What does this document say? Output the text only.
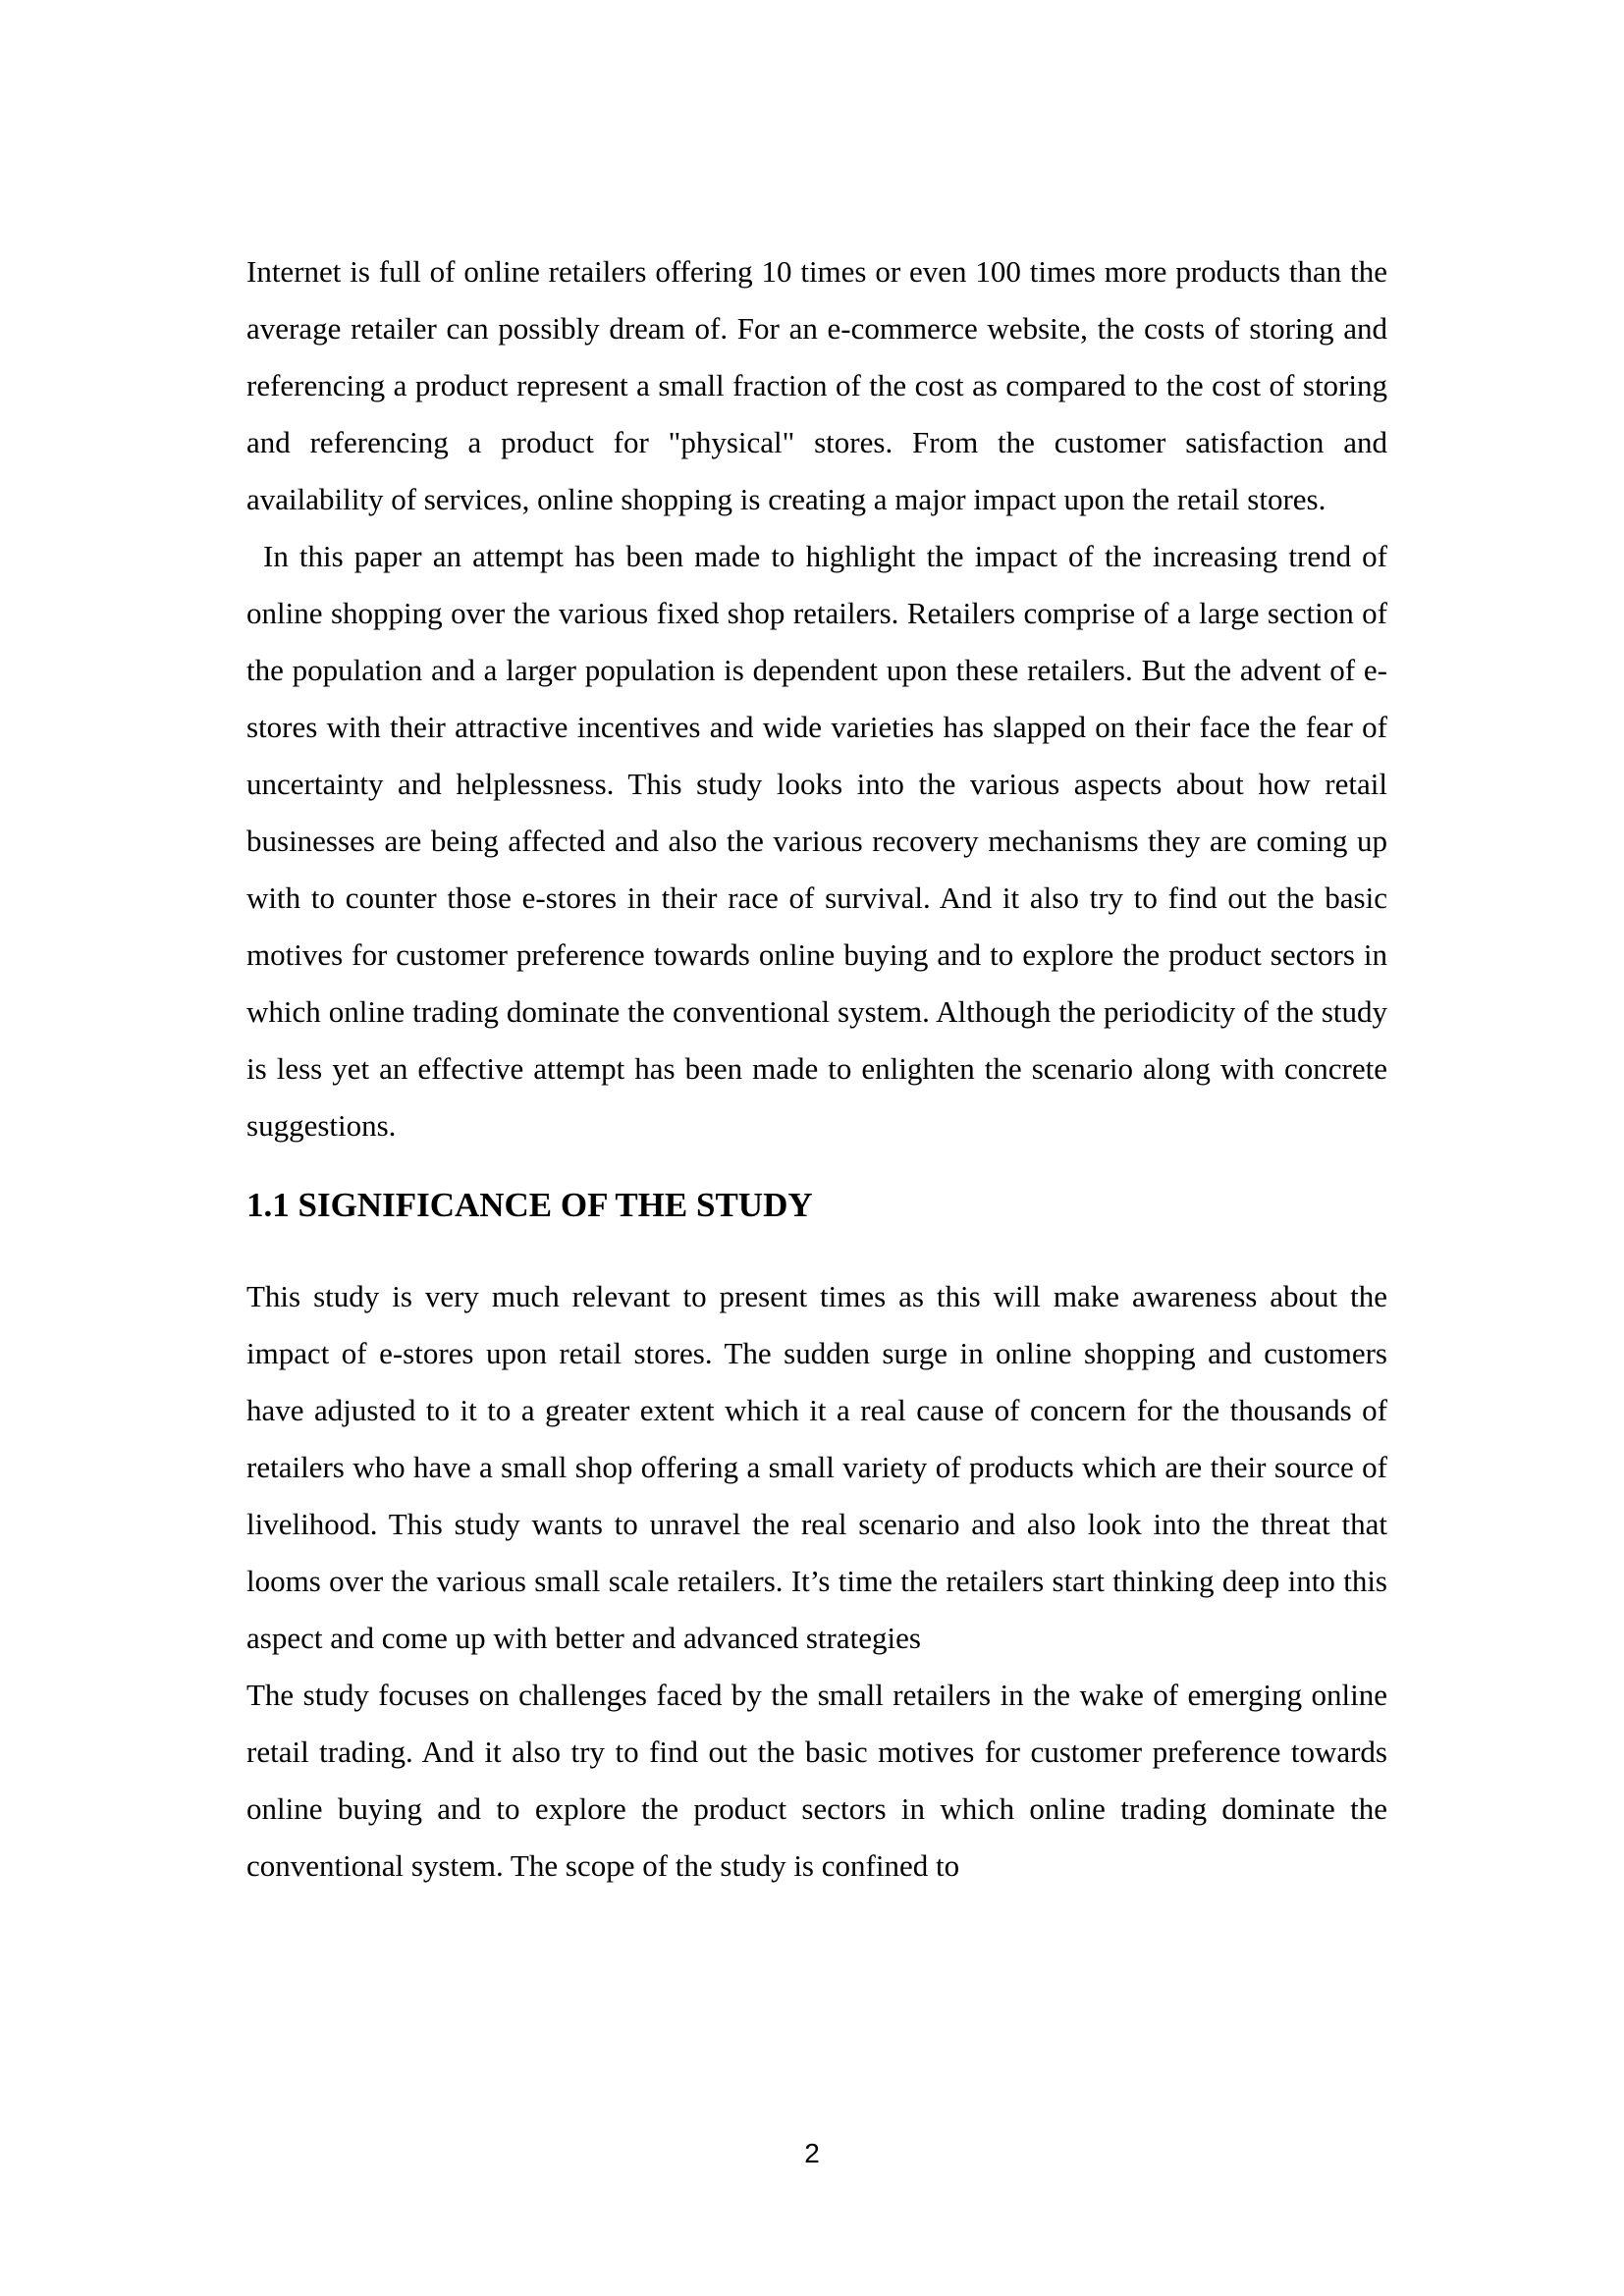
Internet is full of online retailers offering 10 times or even 100 times more products than the average retailer can possibly dream of. For an e-commerce website, the costs of storing and referencing a product represent a small fraction of the cost as compared to the cost of storing and referencing a product for "physical" stores. From the customer satisfaction and availability of services, online shopping is creating a major impact upon the retail stores.

In this paper an attempt has been made to highlight the impact of the increasing trend of online shopping over the various fixed shop retailers. Retailers comprise of a large section of the population and a larger population is dependent upon these retailers. But the advent of e-stores with their attractive incentives and wide varieties has slapped on their face the fear of uncertainty and helplessness. This study looks into the various aspects about how retail businesses are being affected and also the various recovery mechanisms they are coming up with to counter those e-stores in their race of survival. And it also try to find out the basic motives for customer preference towards online buying and to explore the product sectors in which online trading dominate the conventional system. Although the periodicity of the study is less yet an effective attempt has been made to enlighten the scenario along with concrete suggestions.

1.1 SIGNIFICANCE OF THE STUDY

This study is very much relevant to present times as this will make awareness about the impact of e-stores upon retail stores. The sudden surge in online shopping and customers have adjusted to it to a greater extent which it a real cause of concern for the thousands of retailers who have a small shop offering a small variety of products which are their source of livelihood. This study wants to unravel the real scenario and also look into the threat that looms over the various small scale retailers. It’s time the retailers start thinking deep into this aspect and come up with better and advanced strategies

The study focuses on challenges faced by the small retailers in the wake of emerging online retail trading. And it also try to find out the basic motives for customer preference towards online buying and to explore the product sectors in which online trading dominate the conventional system. The scope of the study is confined to

2
